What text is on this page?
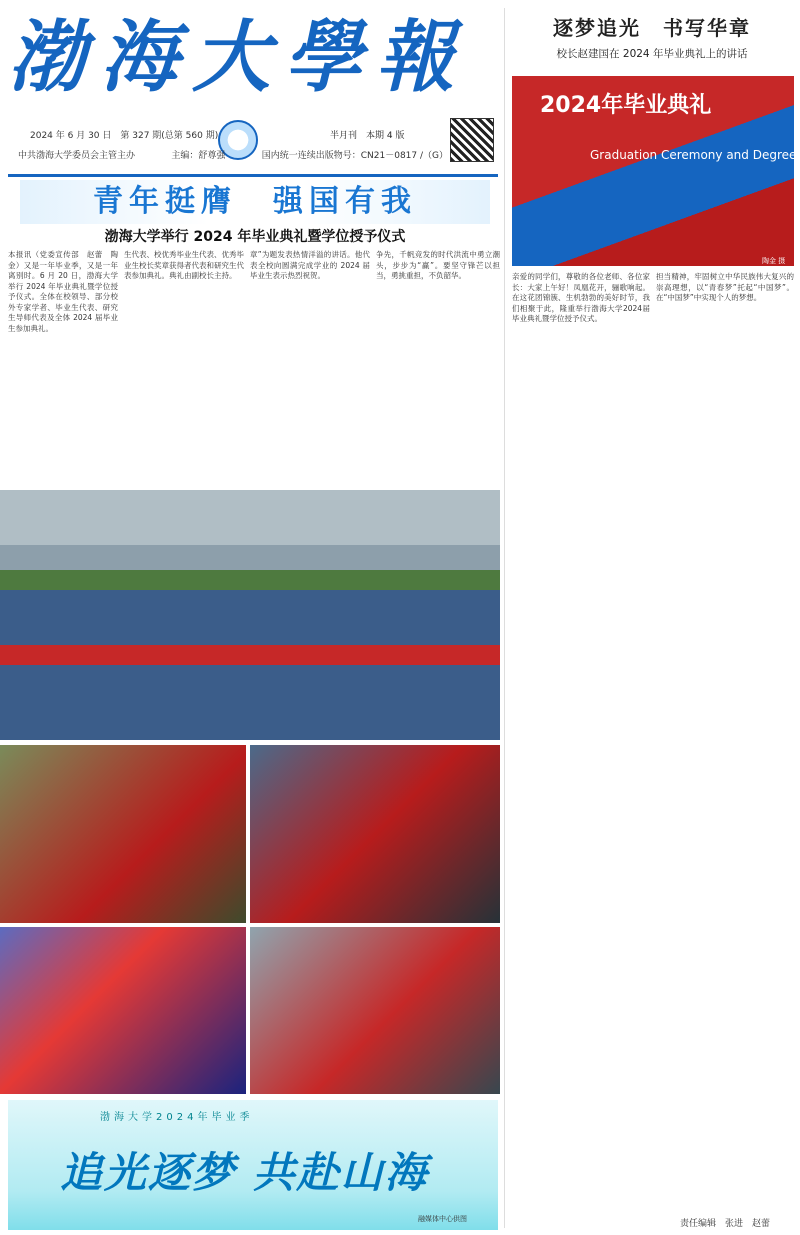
渤海大學報
2024 年 6 月 30 日　第 327 期(总第 560 期)	半月刊　本期 4 版
中共渤海大学委员会主管主办	主编：舒尊强	国内统一连续出版物号：CN21－0817 /（G）
青年挺膺　强国有我
渤海大学举行 2024 年毕业典礼暨学位授予仪式
本报讯（党委宣传部　赵蕾　陶金）又是一年毕业季，又是一年离别时。6 月 20 日，渤海大学举行 2024 年毕业典礼暨学位授予仪式。全体在校领导、部分校外专家学者、毕业生代表、研究生导师代表及全体 2024 届毕业生参加典礼。
生代表、校优秀毕业生代表、优秀毕业生校长奖章获得者代表和研究生代表参加典礼。典礼由副校长主持。
章”为题发表热情洋溢的讲话。他代表全校向圆满完成学业的 2024 届毕业生表示热烈祝贺。
争先，千帆竞发的时代洪流中勇立潮头，步步为“赢”。要坚守锋芒以担当，勇挑重担，不负韶华。
渤海大学2024年毕业季
追光逐梦 共赴山海
融媒体中心供图
逐梦追光　书写华章
校长赵建国在 2024 年毕业典礼上的讲话
2024年毕业典礼
Graduation Ceremony and Degree
陶金 摄
亲爱的同学们，尊敬的各位老师、各位家长：大家上午好！凤凰花开，骊歌响起。在这花团锦簇、生机勃勃的美好时节，我们相聚于此，隆重举行渤海大学2024届毕业典礼暨学位授予仪式。
担当精神，牢固树立中华民族伟大复兴的崇高理想，以“青春梦”托起“中国梦”。在“中国梦”中实现个人的梦想。
责任编辑　张进　赵蕾
